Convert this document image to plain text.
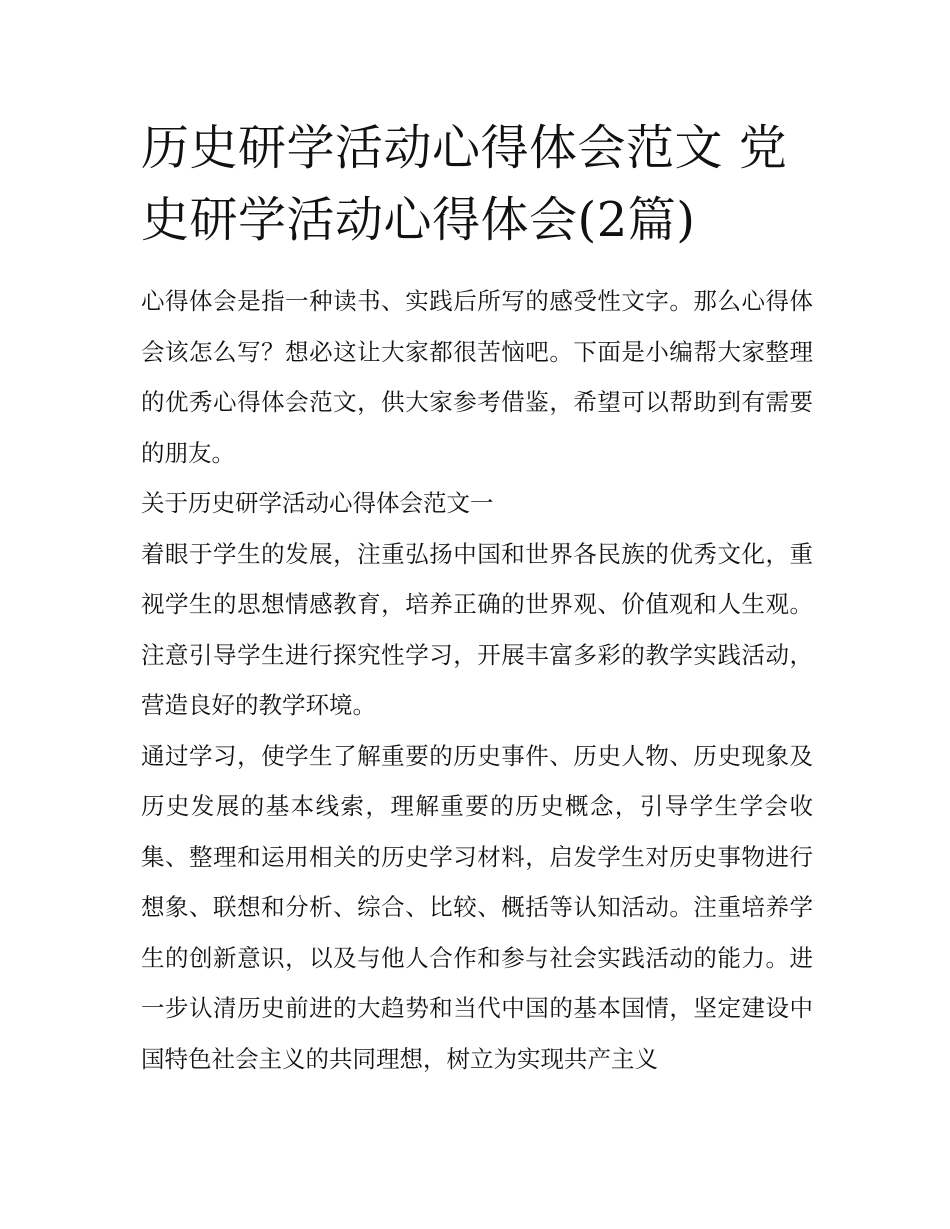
历史研学活动心得体会范文 党史研学活动心得体会(2篇)

心得体会是指一种读书、实践后所写的感受性文字。那么心得体会该怎么写？想必这让大家都很苦恼吧。下面是小编帮大家整理的优秀心得体会范文，供大家参考借鉴，希望可以帮助到有需要的朋友。

关于历史研学活动心得体会范文一

着眼于学生的发展，注重弘扬中国和世界各民族的优秀文化，重视学生的思想情感教育，培养正确的世界观、价值观和人生观。注意引导学生进行探究性学习，开展丰富多彩的教学实践活动，营造良好的教学环境。

通过学习，使学生了解重要的历史事件、历史人物、历史现象及历史发展的基本线索，理解重要的历史概念，引导学生学会收集、整理和运用相关的历史学习材料，启发学生对历史事物进行想象、联想和分析、综合、比较、概括等认知活动。注重培养学生的创新意识，以及与他人合作和参与社会实践活动的能力。进一步认清历史前进的大趋势和当代中国的基本国情，坚定建设中国特色社会主义的共同理想，树立为实现共产主义
